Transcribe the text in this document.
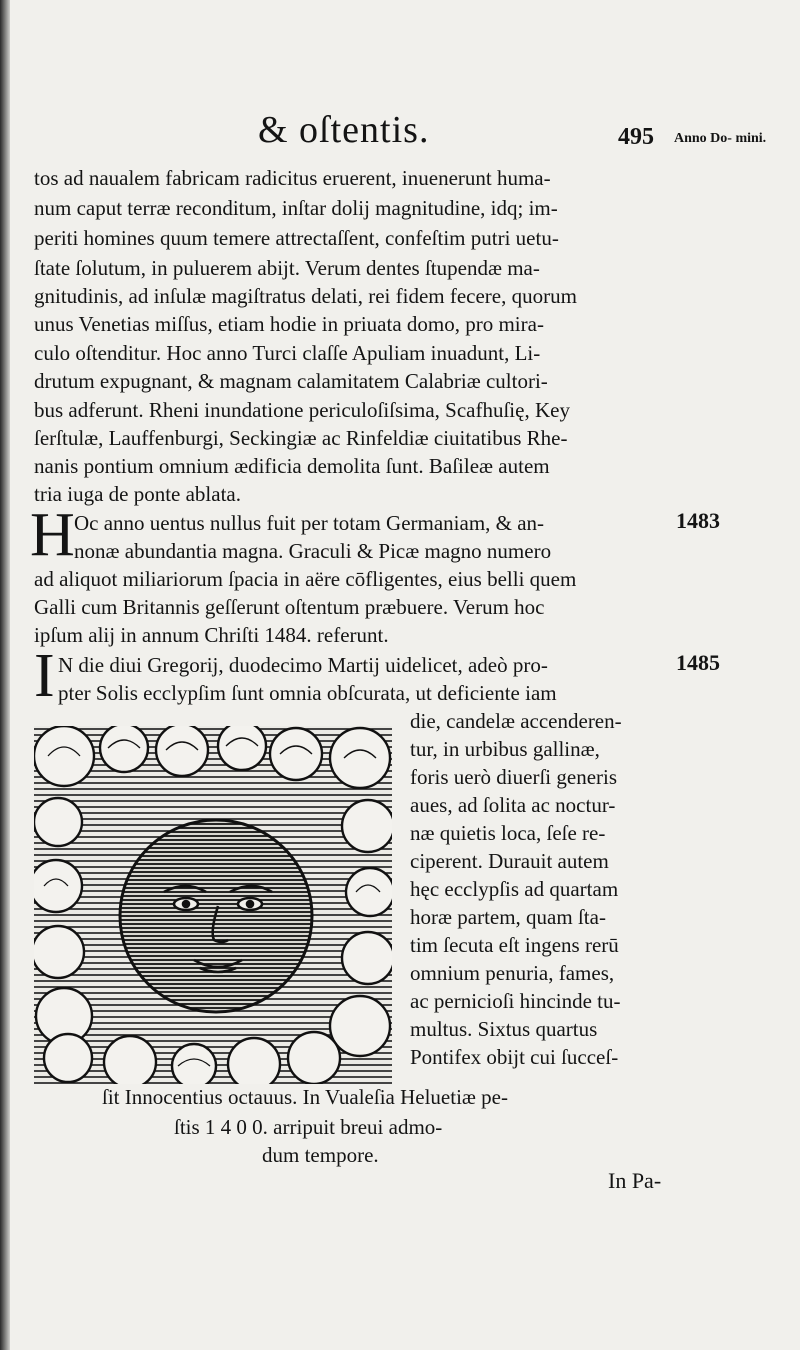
& oſtentis.	495 Anno Do- mini.
tos ad naualem fabricam radicitus eruerent, inuenerunt huma-
num caput terræ reconditum, inſtar dolij magnitudine, idq; im-
periti homines quum temere attrectaſſent, confeſtim putri uetu-
ſtate ſolutum, in puluerem abijt. Verum dentes ſtupendæ ma-
gnitudinis, ad inſulæ magiſtratus delati, rei fidem fecere, quorum
unus Venetias miſſus, etiam hodie in priuata domo, pro mira-
culo oſtenditur. Hoc anno Turci claſſe Apuliam inuadunt, Li-
drutum expugnant, & magnam calamitatem Calabriæ cultori-
bus adferunt. Rheni inundatione periculoſiſsima, Scafhuſię, Key
ſerſtulæ, Lauffenburgi, Seckingiæ ac Rinfeldiæ ciuitatibus Rhe-
nanis pontium omnium ædificia demolita ſunt. Baſileæ autem
tria iuga de ponte ablata.
1483
H Oc anno uentus nullus fuit per totam Germaniam, & an-
nonæ abundantia magna. Graculi & Picæ magno numero
ad aliquot miliariorum ſpacia in aëre cōfligentes, eius belli quem
Galli cum Britannis geſſerunt oſtentum præbuere. Verum hoc
ipſum alij in annum Chriſti 1484. referunt.
1485
I N die diui Gregorij, duodecimo Martij uidelicet, adeò pro-
pter Solis ecclypſim ſunt omnia obſcurata, ut deficiente iam
die, candelæ accenderen-
tur, in urbibus gallinæ,
foris uerò diuerſi generis
aues, ad ſolita ac noctur-
næ quietis loca, ſeſe re-
ciperent. Durauit autem
hęc ecclypſis ad quartam
horæ partem, quam ſta-
tim ſecuta eſt ingens rerū
omnium penuria, fames,
ac pernicioſi hincinde tu-
multus. Sixtus quartus
Pontifex obijt cui ſucceſ-
ſit Innocentius octauus. In Vualeſia Heluetiæ pe-
ſtis 1 4 0 0. arripuit breui admo-
dum tempore.
In Pa-
